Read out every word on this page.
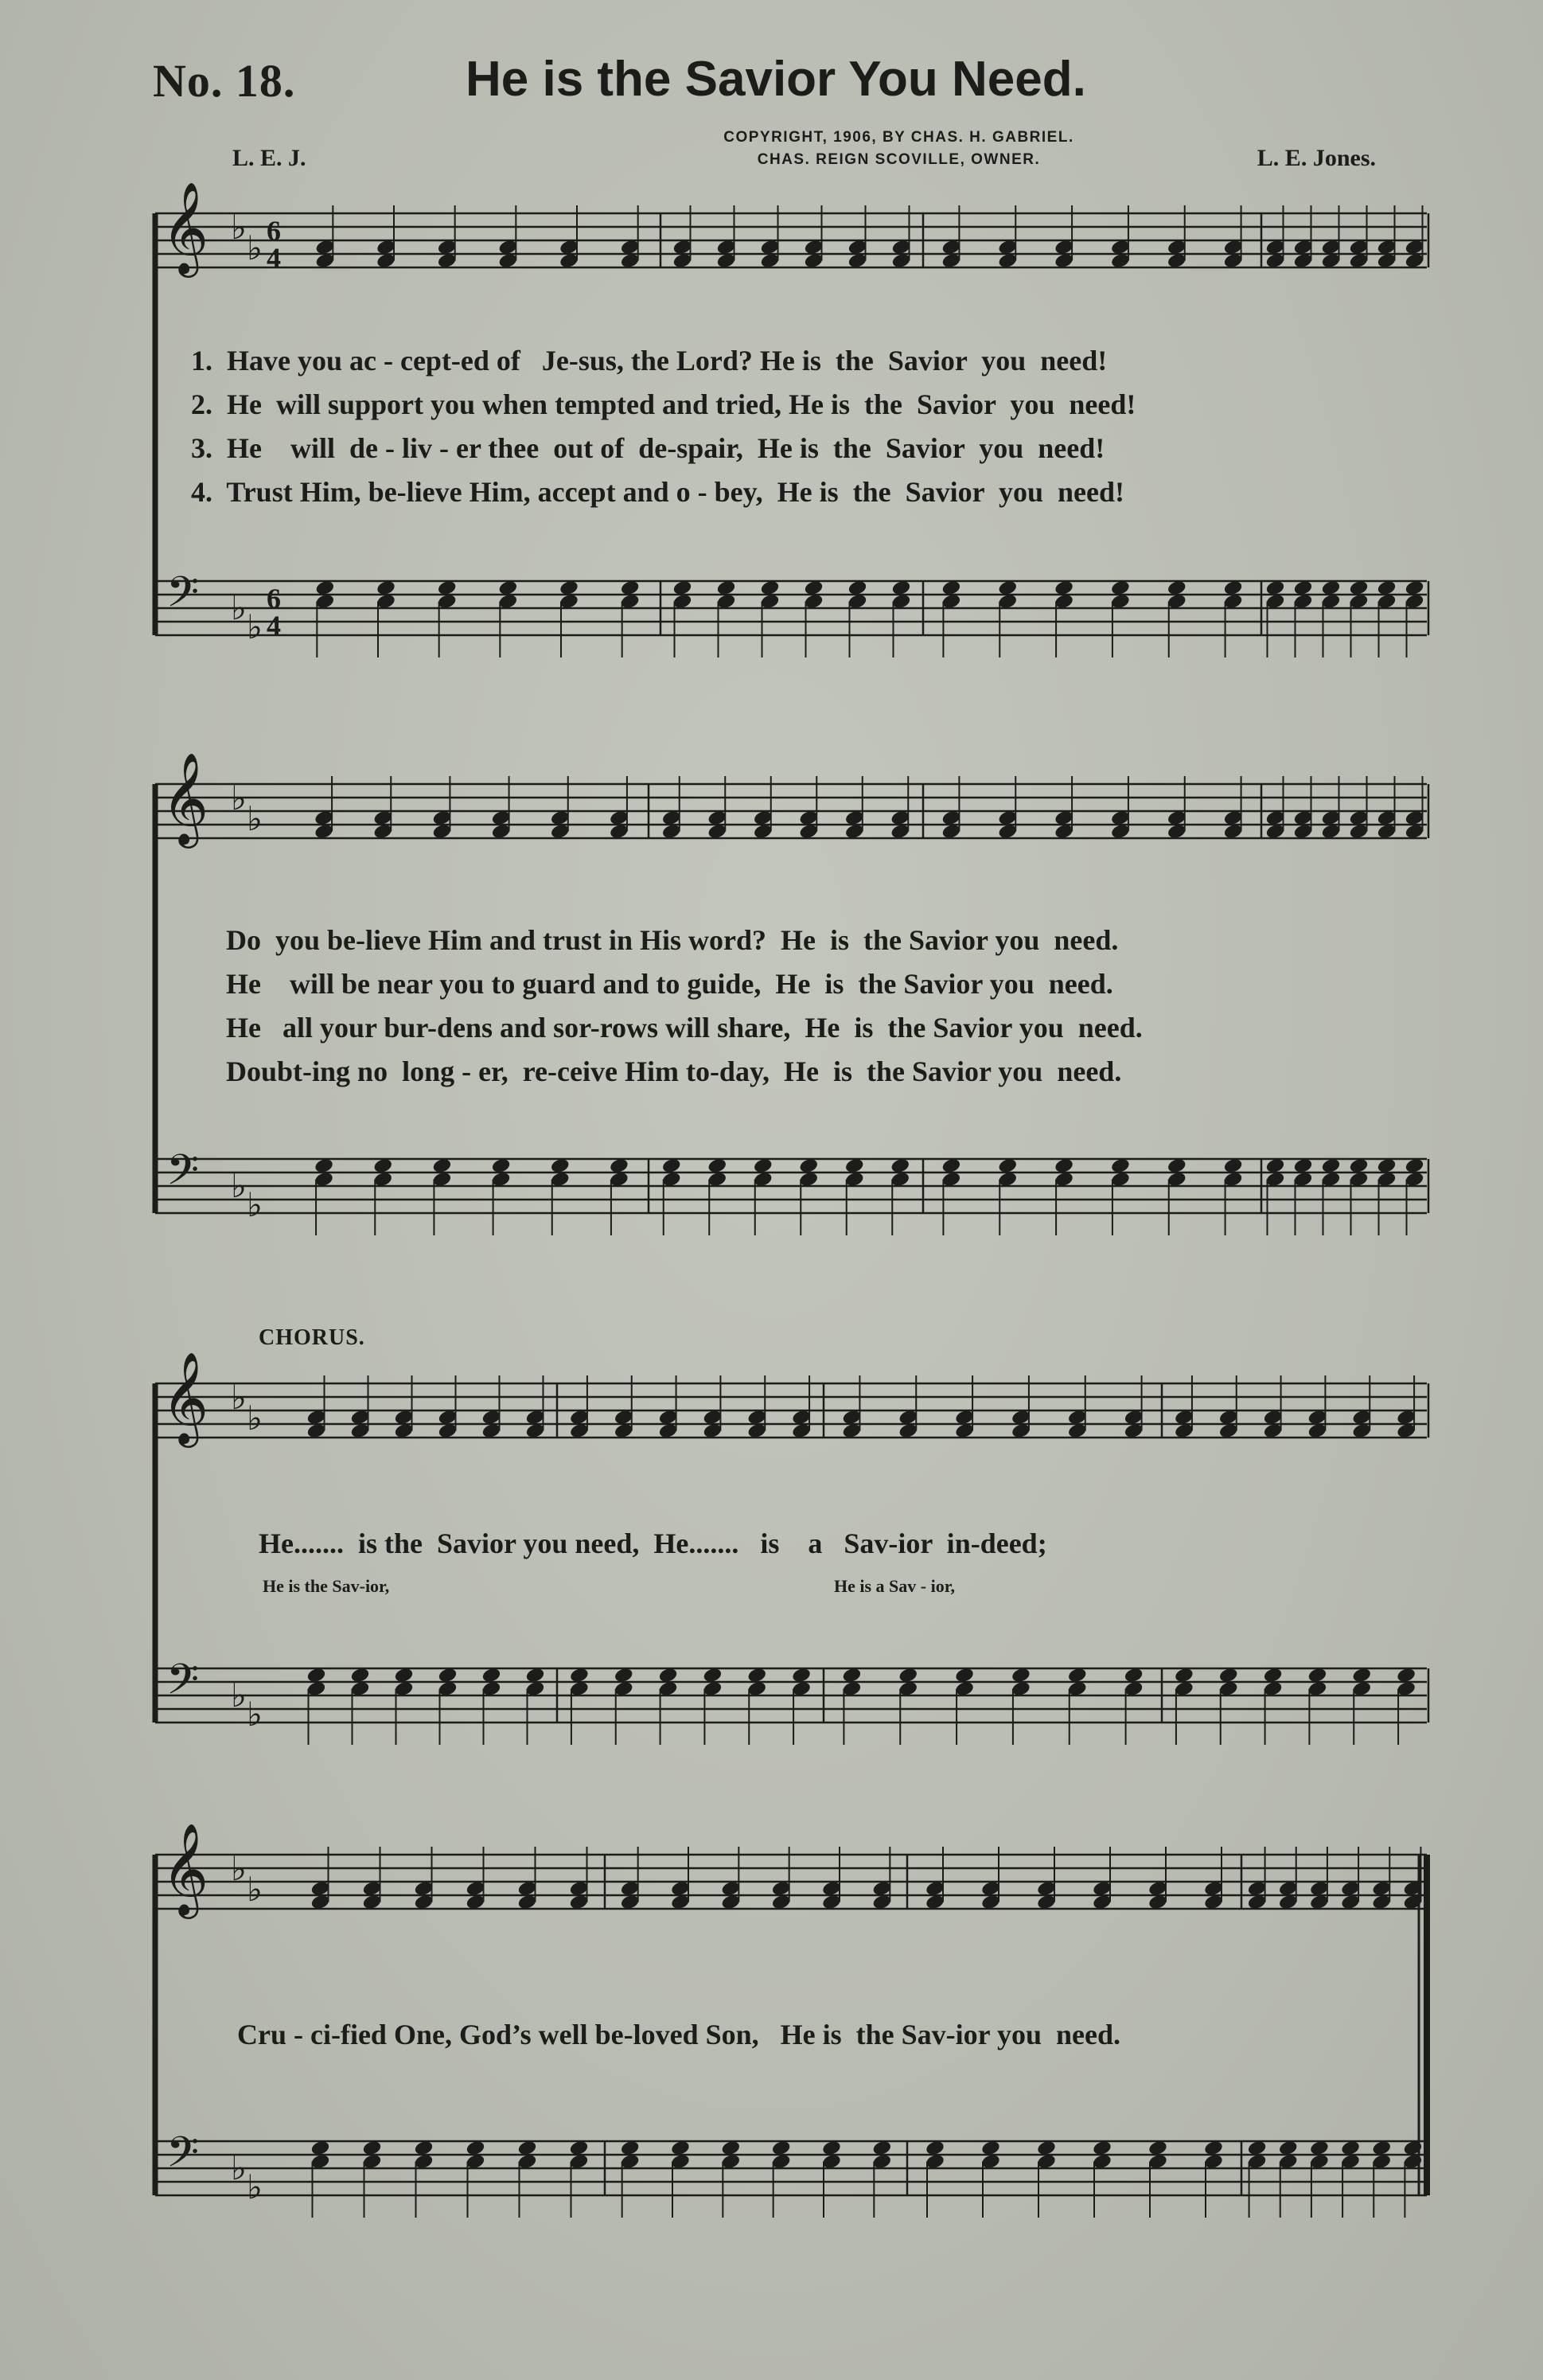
No. 18.	He is the Savior You Need.
COPYRIGHT, 1906, BY CHAS. H. GABRIEL.
CHAS. REIGN SCOVILLE, OWNER.
L. E. J.	L. E. Jones.
𝄞
𝄢
♭
♭
♭
♭
6
4
6
4
𝄞
𝄢
♭
♭
♭
♭
𝄞
𝄢
♭
♭
♭
♭
𝄞
𝄢
♭
♭
♭
♭
1.  Have you ac - cept-ed of   Je-sus, the Lord? He is  the  Savior  you  need!
2.  He  will support you when tempted and tried, He is  the  Savior  you  need!
3.  He    will  de - liv - er thee  out of  de-spair,  He is  the  Savior  you  need!
4.  Trust Him, be-lieve Him, accept and o - bey,  He is  the  Savior  you  need!
Do  you be-lieve Him and trust in His word?  He  is  the Savior you  need.
He    will be near you to guard and to guide,  He  is  the Savior you  need.
He   all your bur-dens and sor-rows will share,  He  is  the Savior you  need.
Doubt-ing no  long - er,  re-ceive Him to-day,  He  is  the Savior you  need.
CHORUS.
He.......  is the  Savior you need,  He.......   is    a   Sav-ior  in-deed;
He is the Sav-ior,	He is a Sav - ior,
Cru - ci-fied One, God’s well be-loved Son,   He is  the Sav-ior you  need.
